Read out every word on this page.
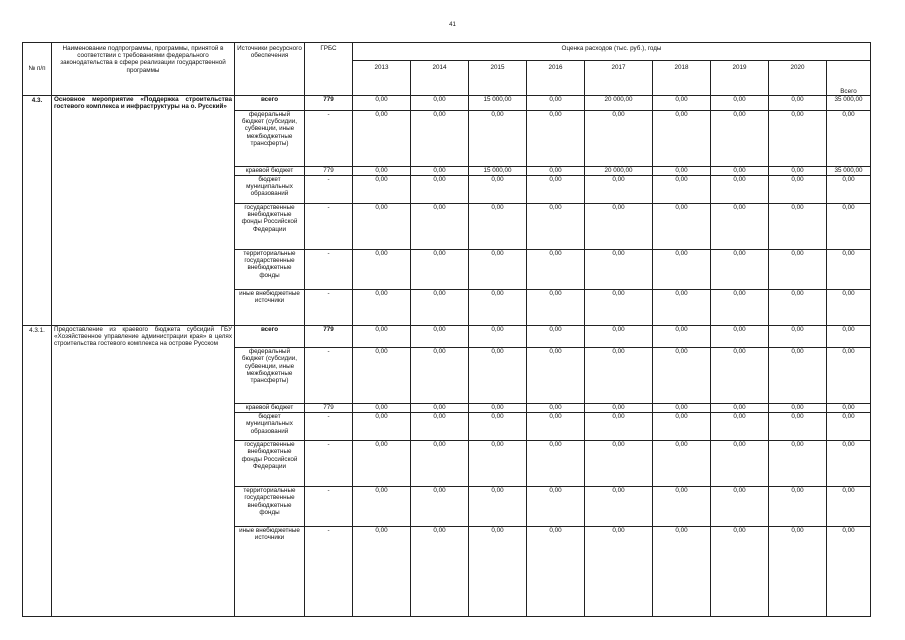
41
№ п/п	Наименование подпрограммы, программы, принятой в соответствии с требованиями федерального законодательства в сфере реализации государственной программы	Источники ресурсного обеспечения	ГРБС	Оценка расходов (тыс. руб.), годы								
				2013	2014	2015	2016	2017	2018	2019	2020	Всего
4.3.	Основное мероприятие «Поддержка строительства гостевого комплекса и инфраструктуры на о. Русский»	всего	779	0,00	0,00	15 000,00	0,00	20 000,00	0,00	0,00	0,00	35 000,00
		федеральный бюджет (субсидии, субвенции, иные межбюджетные трансферты)	-	0,00	0,00	0,00	0,00	0,00	0,00	0,00	0,00	0,00
		краевой бюджет	779	0,00	0,00	15 000,00	0,00	20 000,00	0,00	0,00	0,00	35 000,00
		бюджет муниципальных образований	-	0,00	0,00	0,00	0,00	0,00	0,00	0,00	0,00	0,00
		государственные внебюджетные фонды Российской Федерации	-	0,00	0,00	0,00	0,00	0,00	0,00	0,00	0,00	0,00
		территориальные государственные внебюджетные фонды	-	0,00	0,00	0,00	0,00	0,00	0,00	0,00	0,00	0,00
		иные внебюджетные источники	-	0,00	0,00	0,00	0,00	0,00	0,00	0,00	0,00	0,00
4.3.1.	Предоставление из краевого бюджета субсидий ГБУ «Хозяйственное управление администрации края» в целях строительства гостевого комплекса на острове Русском	всего	779	0,00	0,00	0,00	0,00	0,00	0,00	0,00	0,00	0,00
		федеральный бюджет (субсидии, субвенции, иные межбюджетные трансферты)	-	0,00	0,00	0,00	0,00	0,00	0,00	0,00	0,00	0,00
		краевой бюджет	779	0,00	0,00	0,00	0,00	0,00	0,00	0,00	0,00	0,00
		бюджет муниципальных образований	-	0,00	0,00	0,00	0,00	0,00	0,00	0,00	0,00	0,00
		государственные внебюджетные фонды Российской Федерации	-	0,00	0,00	0,00	0,00	0,00	0,00	0,00	0,00	0,00
		территориальные государственные внебюджетные фонды	-	0,00	0,00	0,00	0,00	0,00	0,00	0,00	0,00	0,00
		иные внебюджетные источники	-	0,00	0,00	0,00	0,00	0,00	0,00	0,00	0,00	0,00
